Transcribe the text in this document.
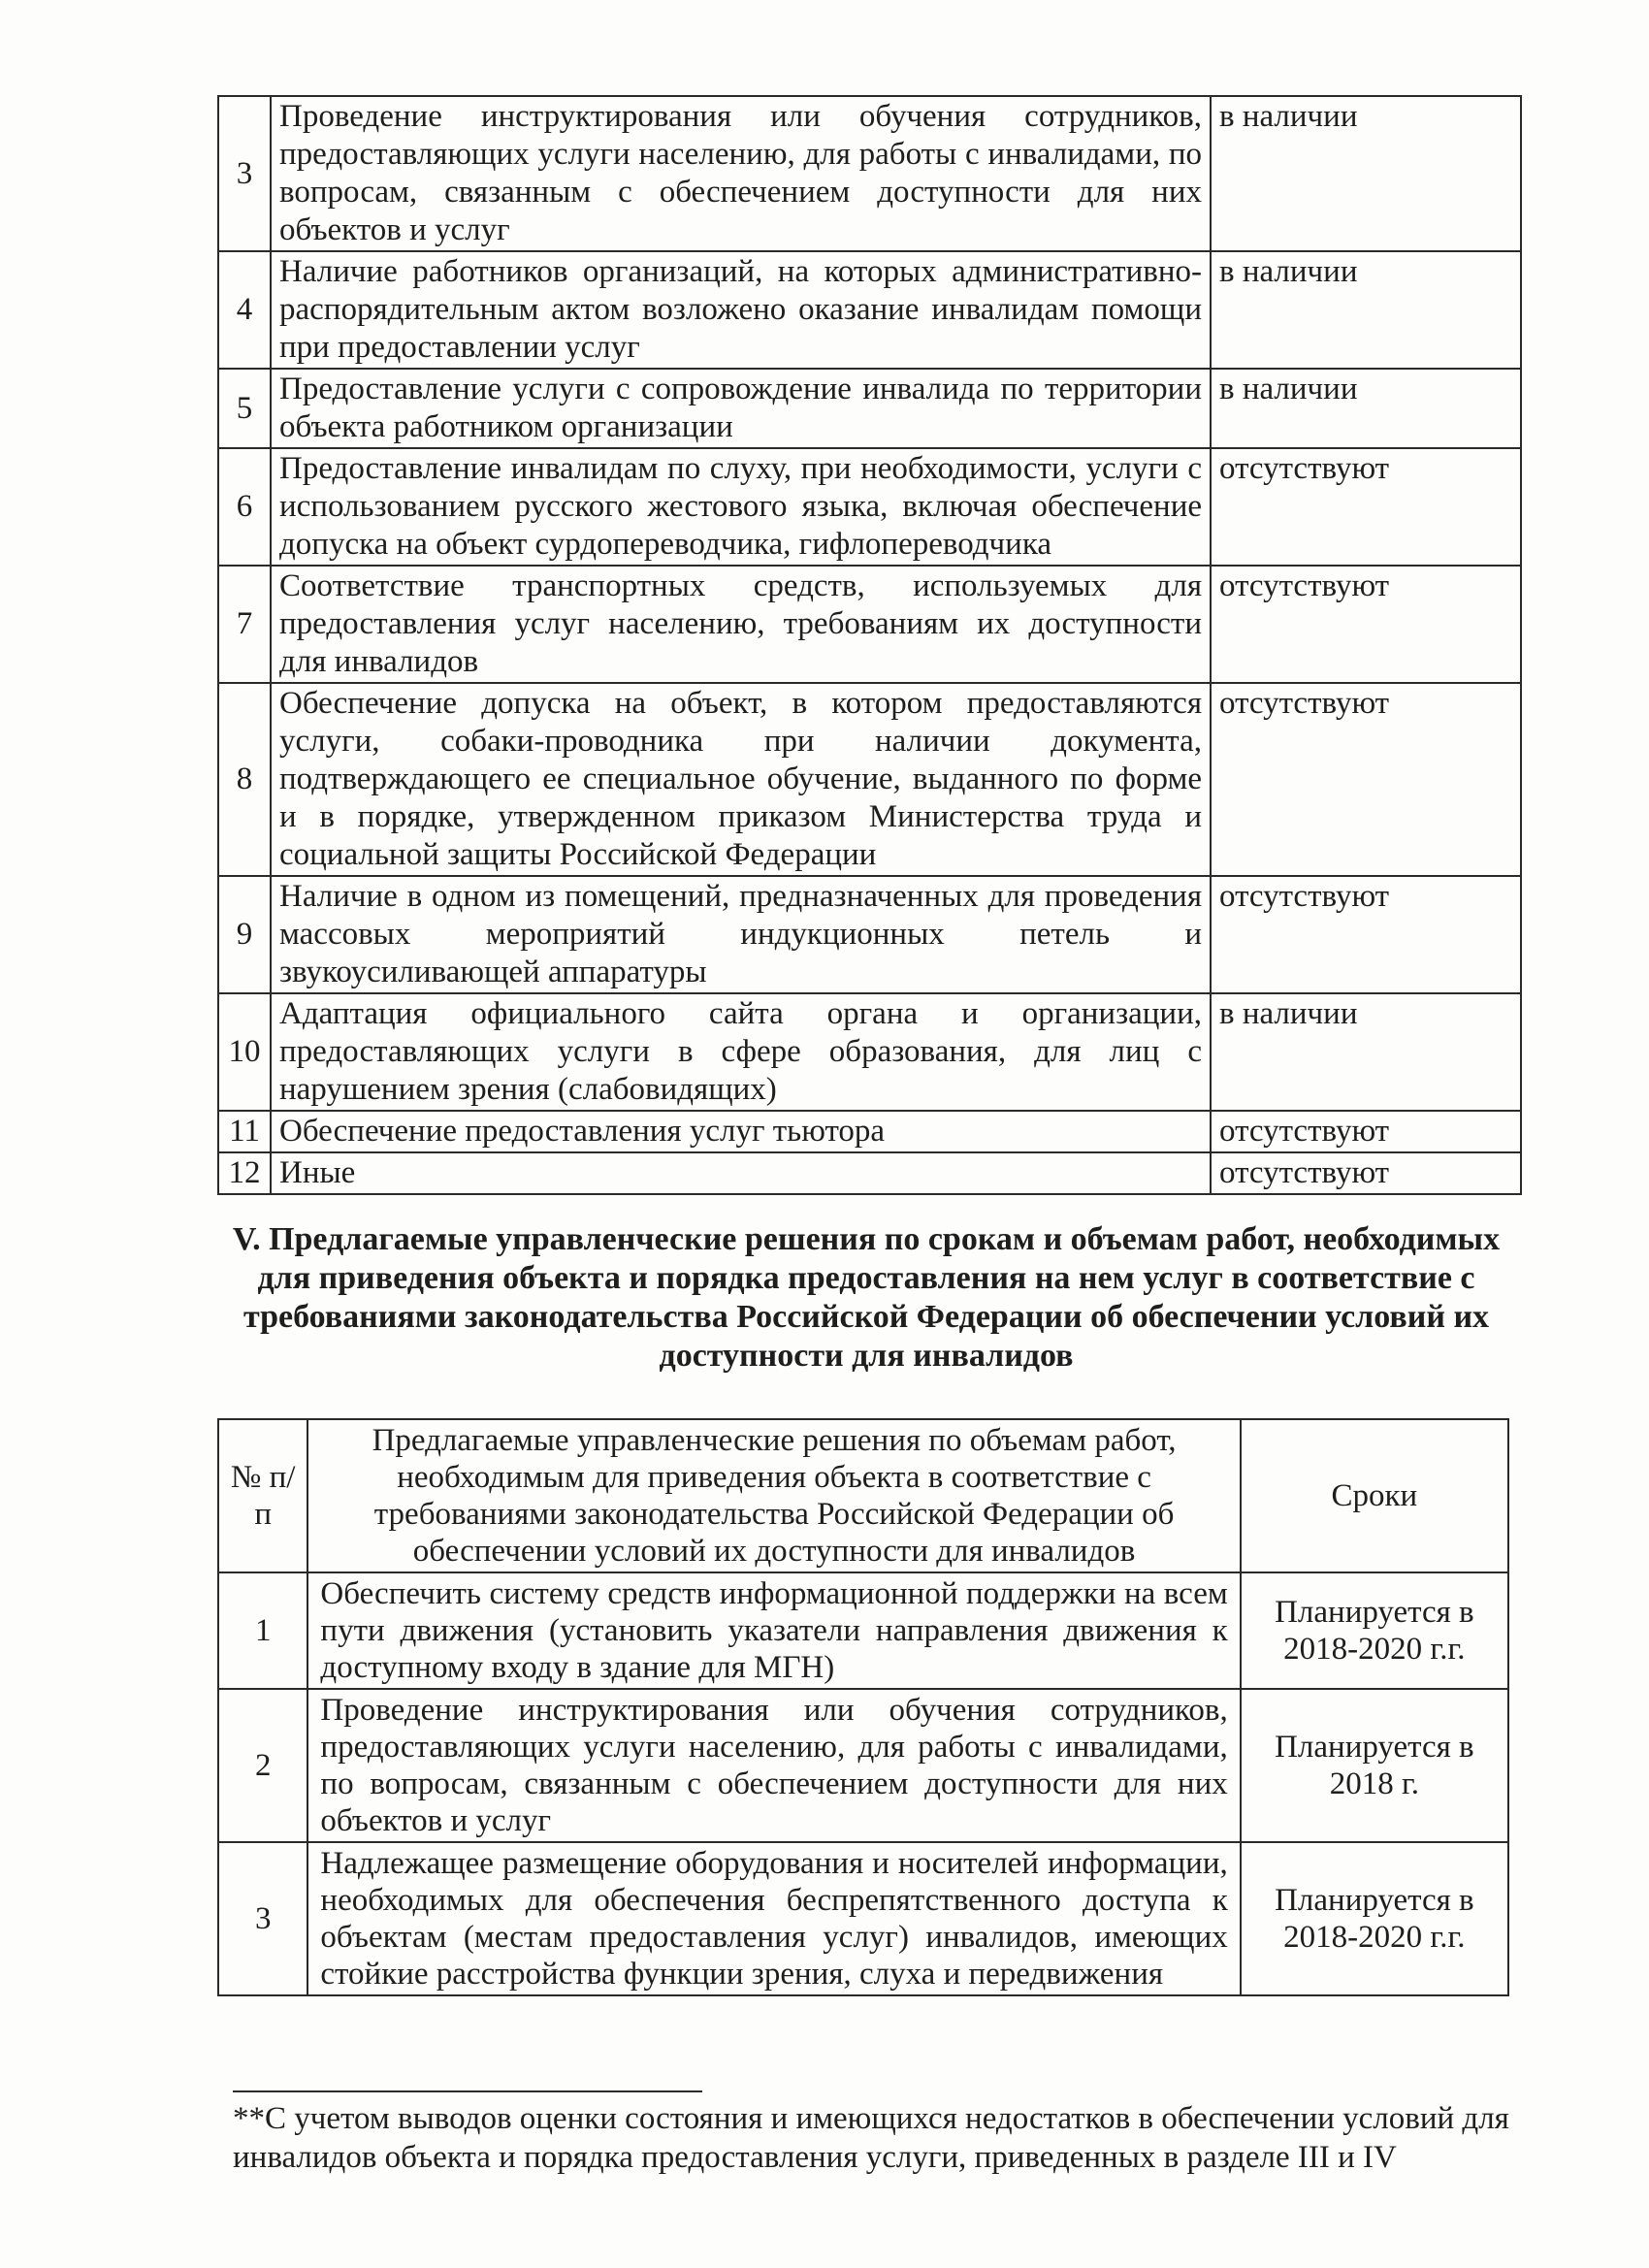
3	Проведение инструктирования или обучения сотрудников, предоставляющих услуги населению, для работы с инвалидами, по вопросам, связанным с обеспечением доступности для них объектов и услуг	в наличии
4	Наличие работников организаций, на которых административно-распорядительным актом возложено оказание инвалидам помощи при предоставлении услуг	в наличии
5	Предоставление услуги с сопровождение инвалида по территории объекта работником организации	в наличии
6	Предоставление инвалидам по слуху, при необходимости, услуги с использованием русского жестового языка, включая обеспечение допуска на объект сурдопереводчика, гифлопереводчика	отсутствуют
7	Соответствие транспортных средств, используемых для предоставления услуг населению, требованиям их доступности для инвалидов	отсутствуют
8	Обеспечение допуска на объект, в котором предоставляются услуги, собаки-проводника при наличии документа, подтверждающего ее специальное обучение, выданного по форме и в порядке, утвержденном приказом Министерства труда и социальной защиты Российской Федерации	отсутствуют
9	Наличие в одном из помещений, предназначенных для проведения массовых мероприятий индукционных петель и звукоусиливающей аппаратуры	отсутствуют
10	Адаптация официального сайта органа и организации, предоставляющих услуги в сфере образования, для лиц с нарушением зрения (слабовидящих)	в наличии
11	Обеспечение предоставления услуг тьютора	отсутствуют
12	Иные	отсутствуют
V. Предлагаемые управленческие решения по срокам и объемам работ, необходимых
для приведения объекта и порядка предоставления на нем услуг в соответствие с
требованиями законодательства Российской Федерации об обеспечении условий их
доступности для инвалидов
№ п/п	Предлагаемые управленческие решения по объемам работ, необходимым для приведения объекта в соответствие с требованиями законодательства Российской Федерации об обеспечении условий их доступности для инвалидов	Сроки
1	Обеспечить систему средств информационной поддержки на всем пути движения (установить указатели направления движения к доступному входу в здание для МГН)	Планируется в 2018-2020 г.г.
2	Проведение инструктирования или обучения сотрудников, предоставляющих услуги населению, для работы с инвалидами, по вопросам, связанным с обеспечением доступности для них объектов и услуг	Планируется в 2018 г.
3	Надлежащее размещение оборудования и носителей информации, необходимых для обеспечения беспрепятственного доступа к объектам (местам предоставления услуг) инвалидов, имеющих стойкие расстройства функции зрения, слуха и передвижения	Планируется в 2018-2020 г.г.

**С учетом выводов оценки состояния и имеющихся недостатков в обеспечении условий для инвалидов объекта и порядка предоставления услуги, приведенных в разделе III и IV
